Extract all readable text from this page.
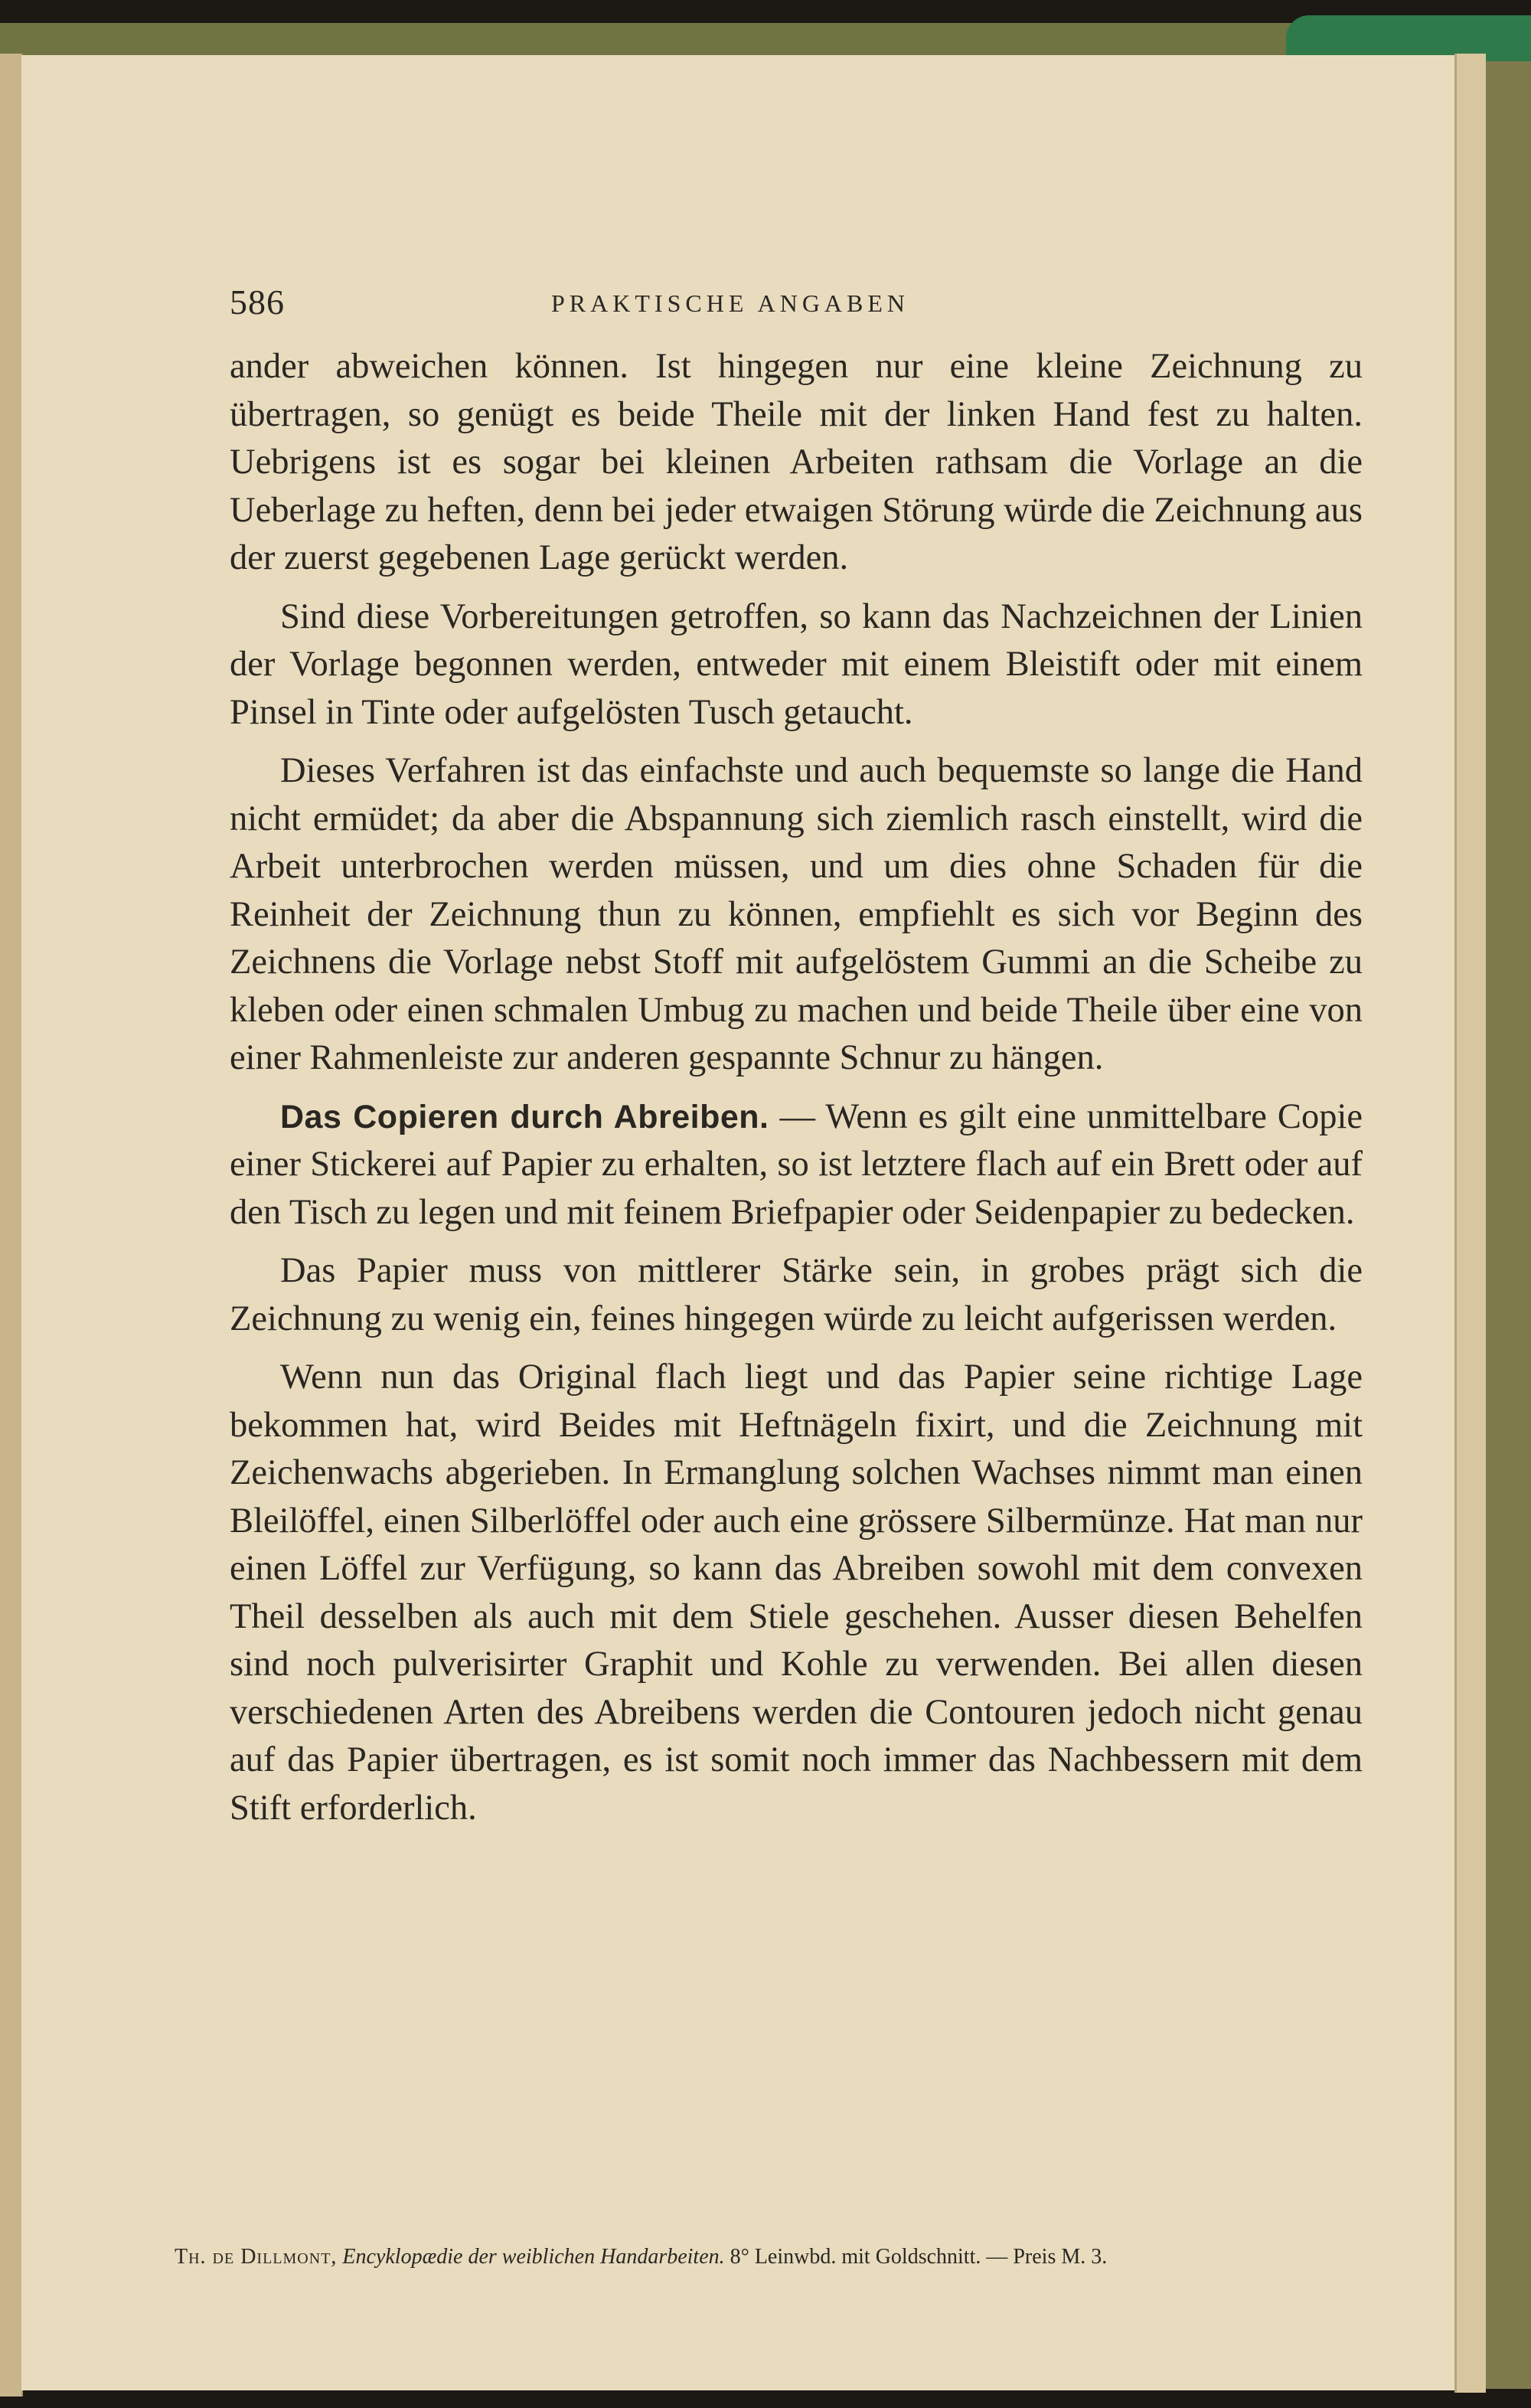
586	PRAKTISCHE ANGABEN

ander abweichen können. Ist hingegen nur eine kleine Zeichnung zu übertragen, so genügt es beide Theile mit der linken Hand fest zu halten. Uebrigens ist es sogar bei kleinen Arbeiten rathsam die Vorlage an die Ueberlage zu heften, denn bei jeder etwaigen Störung würde die Zeichnung aus der zuerst gegebenen Lage gerückt werden.

Sind diese Vorbereitungen getroffen, so kann das Nachzeichnen der Linien der Vorlage begonnen werden, entweder mit einem Bleistift oder mit einem Pinsel in Tinte oder aufgelösten Tusch getaucht.

Dieses Verfahren ist das einfachste und auch bequemste so lange die Hand nicht ermüdet; da aber die Abspannung sich ziemlich rasch einstellt, wird die Arbeit unterbrochen werden müssen, und um dies ohne Schaden für die Reinheit der Zeichnung thun zu können, empfiehlt es sich vor Beginn des Zeichnens die Vorlage nebst Stoff mit aufgelöstem Gummi an die Scheibe zu kleben oder einen schmalen Umbug zu machen und beide Theile über eine von einer Rahmenleiste zur anderen gespannte Schnur zu hängen.

Das Copieren durch Abreiben. — Wenn es gilt eine unmittelbare Copie einer Stickerei auf Papier zu erhalten, so ist letztere flach auf ein Brett oder auf den Tisch zu legen und mit feinem Briefpapier oder Seidenpapier zu bedecken.

Das Papier muss von mittlerer Stärke sein, in grobes prägt sich die Zeichnung zu wenig ein, feines hingegen würde zu leicht aufgerissen werden.

Wenn nun das Original flach liegt und das Papier seine richtige Lage bekommen hat, wird Beides mit Heftnägeln fixirt, und die Zeichnung mit Zeichenwachs abgerieben. In Ermanglung solchen Wachses nimmt man einen Bleilöffel, einen Silberlöffel oder auch eine grössere Silbermünze. Hat man nur einen Löffel zur Verfügung, so kann das Abreiben sowohl mit dem convexen Theil desselben als auch mit dem Stiele geschehen. Ausser diesen Behelfen sind noch pulverisirter Graphit und Kohle zu verwenden. Bei allen diesen verschiedenen Arten des Abreibens werden die Contouren jedoch nicht genau auf das Papier übertragen, es ist somit noch immer das Nachbessern mit dem Stift erforderlich.

Th. de Dillmont, Encyklopædie der weiblichen Handarbeiten. 8° Leinwbd. mit Goldschnitt. — Preis M. 3.
